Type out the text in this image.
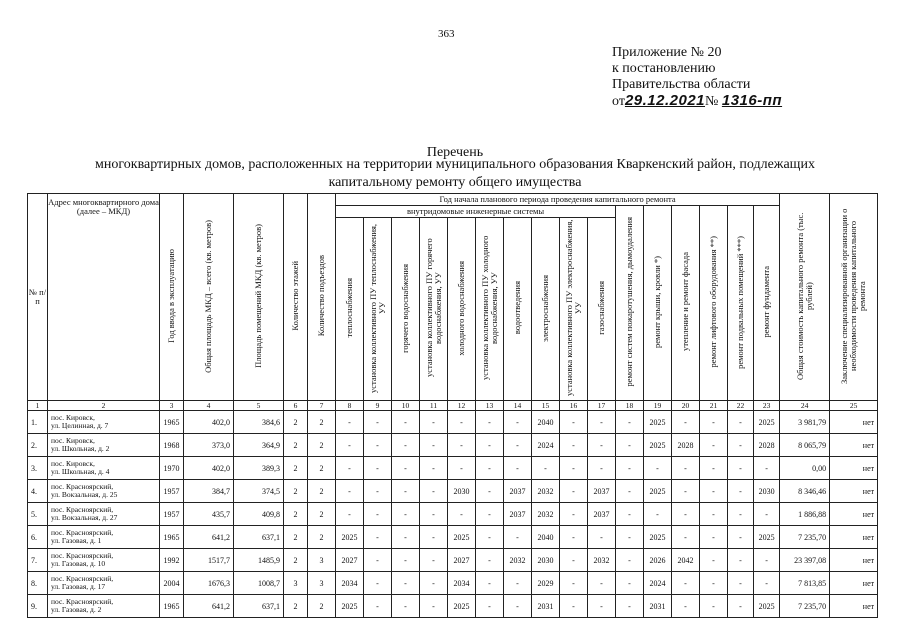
363
Приложение № 20
к постановлению
Правительства области
от29.12.2021№ 1316-пп
Перечень
многоквартирных домов, расположенных на территории муниципального образования Кваркенский район, подлежащих
капитальному ремонту общего имущества
№ п/п	Адрес многоквартирного дома (далее – МКД)	Год ввода в эксплуатацию	Общая площадь МКД – всего (кв. метров)	Площадь помещений МКД (кв. метров)	Количество этажей	Количество подъездов	Год начала планового периода проведения капитального ремонта																Общая стоимость капитального ремонта (тыс. рублей)	Заключение специализированной организации о необходимости проведения капитального ремонта
							внутридомовые инженерные системы										ремонт систем пожаротушения, дымоудаления	ремонт крыши, кровли *)	утепление и ремонт фасада	ремонт лифтового оборудования **)	ремонт подвальных помещений ***)	ремонт фундамента		
							теплоснабжения	установка коллективного ПУ теплоснабжения, УУ	горячего водоснабжения	установка коллективного ПУ горячего водоснабжения, УУ	холодного водоснабжения	установка коллективного ПУ холодного водоснабжения, УУ	водоотведения	электроснабжения	установка коллективного ПУ электроснабжения, УУ	газоснабжения								
1	2	3	4	5	6	7	8	9	10	11	12	13	14	15	16	17	18	19	20	21	22	23	24	25
1.	пос. Кировск,
ул. Целинная, д. 7	1965	402,0	384,6	2	2	-	-	-	-	-	-	-	2040	-	-	-	2025	-	-	-	2025	3 981,79	нет
2.	пос. Кировск,
ул. Школьная, д. 2	1968	373,0	364,9	2	2	-	-	-	-	-	-	-	2024	-	-	-	2025	2028	-	-	2028	8 065,79	нет
3.	пос. Кировск,
ул. Школьная, д. 4	1970	402,0	389,3	2	2	-	-	-	-	-	-	-	-	-	-	-	-	-	-	-	-	0,00	нет
4.	пос. Красноярский,
ул. Вокзальная, д. 25	1957	384,7	374,5	2	2	-	-	-	-	2030	-	2037	2032	-	2037	-	2025	-	-	-	2030	8 346,46	нет
5.	пос. Красноярский,
ул. Вокзальная, д. 27	1957	435,7	409,8	2	2	-	-	-	-	-	-	2037	2032	-	2037	-	-	-	-	-	-	1 886,88	нет
6.	пос. Красноярский,
ул. Газовая, д. 1	1965	641,2	637,1	2	2	2025	-	-	-	2025	-	-	2040	-	-	-	2025	-	-	-	2025	7 235,70	нет
7.	пос. Красноярский,
ул. Газовая, д. 10	1992	1517,7	1485,9	2	3	2027	-	-	-	2027	-	2032	2030	-	2032	-	2026	2042	-	-	-	23 397,08	нет
8.	пос. Красноярский,
ул. Газовая, д. 17	2004	1676,3	1008,7	3	3	2034	-	-	-	2034	-	-	2029	-	-	-	2024	-	-	-	-	7 813,85	нет
9.	пос. Красноярский,
ул. Газовая, д. 2	1965	641,2	637,1	2	2	2025	-	-	-	2025	-	-	2031	-	-	-	2031	-	-	-	2025	7 235,70	нет
